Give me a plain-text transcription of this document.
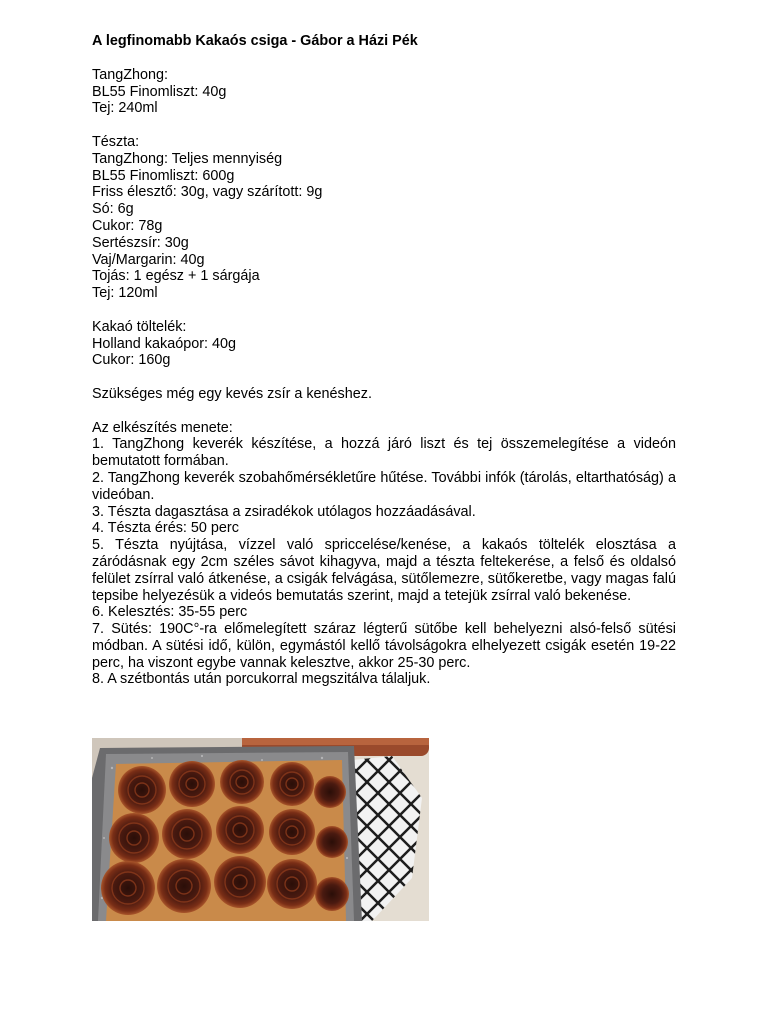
A legfinomabb Kakaós csiga - Gábor a Házi Pék

TangZhong:

BL55 Finomliszt: 40g

Tej: 240ml

Tészta:

TangZhong: Teljes mennyiség

BL55 Finomliszt: 600g

Friss élesztő: 30g, vagy szárított: 9g

Só: 6g

Cukor: 78g

Sertészsír: 30g

Vaj/Margarin: 40g

Tojás: 1 egész + 1 sárgája

Tej: 120ml

Kakaó töltelék:

Holland kakaópor: 40g

Cukor: 160g

Szükséges még egy kevés zsír a kenéshez.

Az elkészítés menete:

1. TangZhong keverék készítése, a hozzá járó liszt és tej összemelegítése a videón bemutatott formában.

2. TangZhong keverék szobahőmérsékletűre hűtése. További infók (tárolás, eltarthatóság) a videóban.

3. Tészta dagasztása a zsiradékok utólagos hozzáadásával.

4. Tészta érés: 50 perc

5. Tészta nyújtása, vízzel való spriccelése/kenése, a kakaós töltelék elosztása a záródásnak egy 2cm széles sávot kihagyva, majd a tészta feltekerése, a felső és oldalsó felület zsírral való átkenése, a csigák felvágása, sütőlemezre, sütőkeretbe, vagy magas falú tepsibe helyezésük a videós bemutatás szerint, majd a tetejük zsírral való bekenése.

6. Kelesztés: 35-55 perc

7. Sütés: 190C°-ra előmelegített száraz légterű sütőbe kell behelyezni alsó-felső sütési módban. A sütési idő, külön, egymástól kellő távolságokra elhelyezett csigák esetén 19-22 perc, ha viszont egybe vannak kelesztve, akkor 25-30 perc.

8. A szétbontás után porcukorral megszitálva tálaljuk.
